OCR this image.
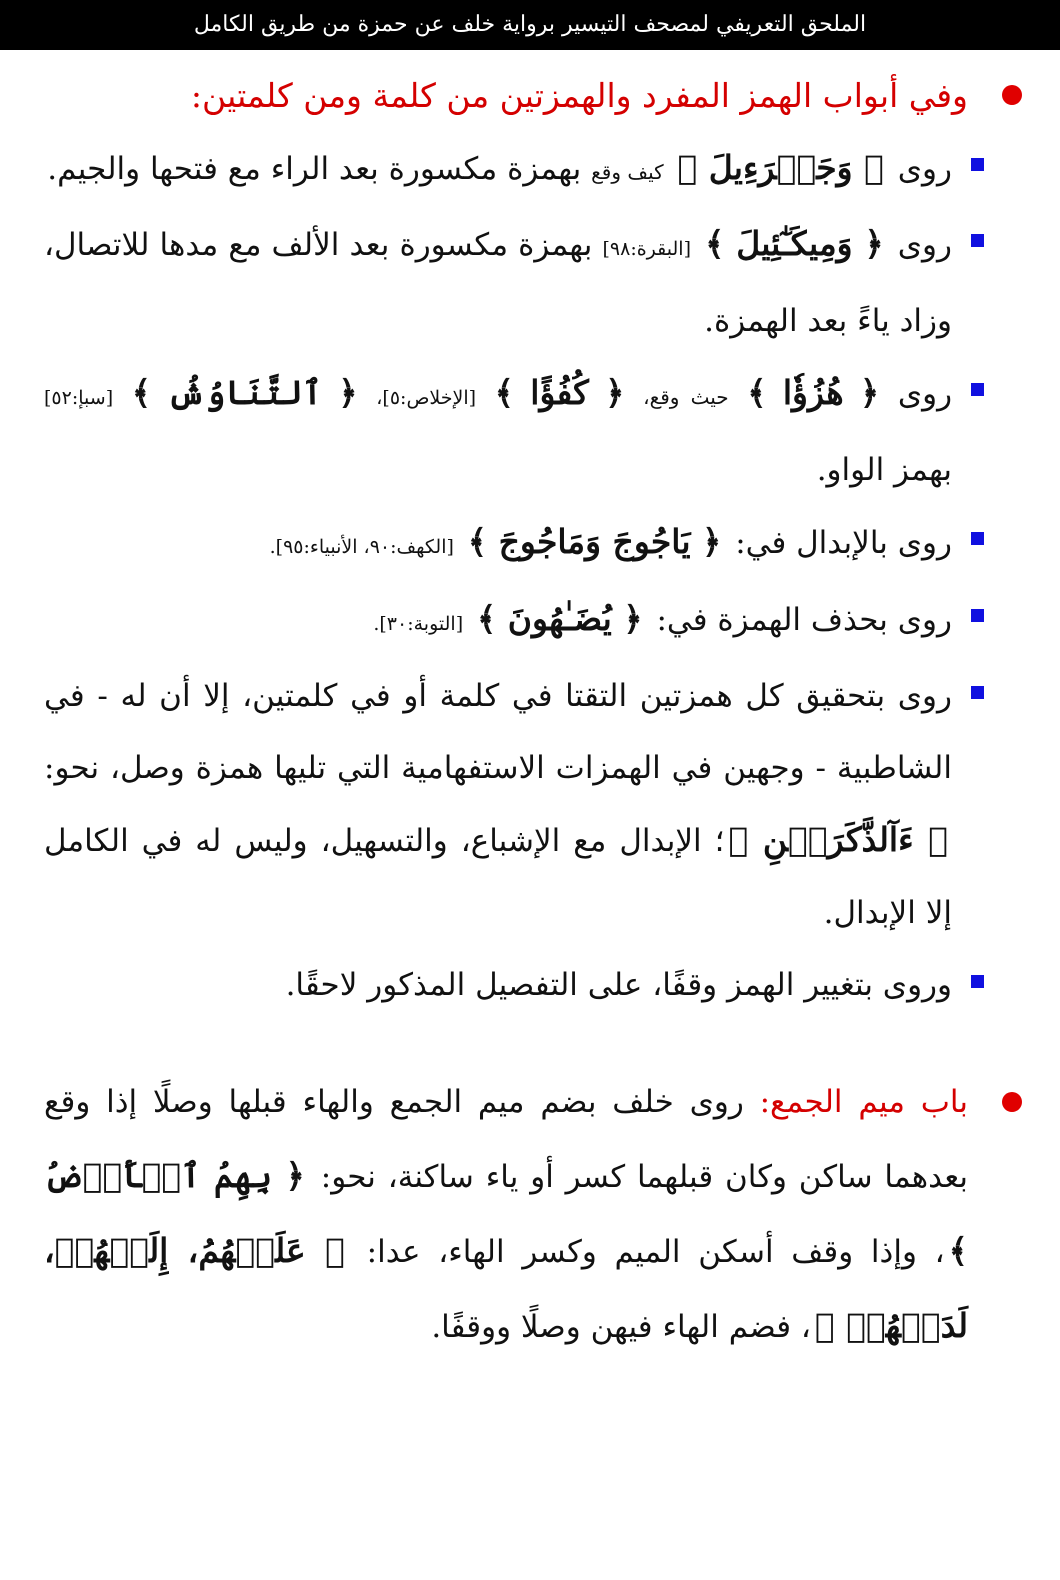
الملحق التعريفي لمصحف التيسير برواية خلف عن حمزة من طريق الكامل
وفي أبواب الهمز المفرد والهمزتين من كلمة ومن كلمتين:
روى ﴿ وَجَبۡرَءِيلَ ﴾ كيف وقع بهمزة مكسورة بعد الراء مع فتحها والجيم.
روى ﴿ وَمِيكَـٰٓئِيلَ ﴾ [البقرة:٩٨] بهمزة مكسورة بعد الألف مع مدها للاتصال، وزاد ياءً بعد الهمزة.
روى ﴿ هُزُؤٗا ﴾ حيث وقع، ﴿ كُفُؤًا ﴾ [الإخلاص:٥]، ﴿ ٱلتَّنَاوُشُ ﴾ [سبإ:٥٢] بهمز الواو.
روى بالإبدال في: ﴿ يَاجُوجَ وَمَاجُوجَ ﴾ [الكهف:٩٠، الأنبياء:٩٥].
روى بحذف الهمزة في: ﴿ يُضَـٰهُونَ ﴾ [التوبة:٣٠].
روى بتحقيق كل همزتين التقتا في كلمة أو في كلمتين، إلا أن له - في الشاطبية - وجهين في الهمزات الاستفهامية التي تليها همزة وصل، نحو: ﴿ ءَآلذَّكَرَيۡنِ ﴾؛ الإبدال مع الإشباع، والتسهيل، وليس له في الكامل إلا الإبدال.
وروى بتغيير الهمز وقفًا، على التفصيل المذكور لاحقًا.
باب ميم الجمع: روى خلف بضم ميم الجمع والهاء قبلها وصلًا إذا وقع بعدهما ساكن وكان قبلهما كسر أو ياء ساكنة، نحو: ﴿ بِهِمُ ٱلۡأَرۡضُ ﴾، وإذا وقف أسكن الميم وكسر الهاء، عدا: ﴿ عَلَيۡهُمُ، إِلَيۡهُمۡ، لَدَيۡهُمۡ ﴾، فضم الهاء فيهن وصلًا ووقفًا.
